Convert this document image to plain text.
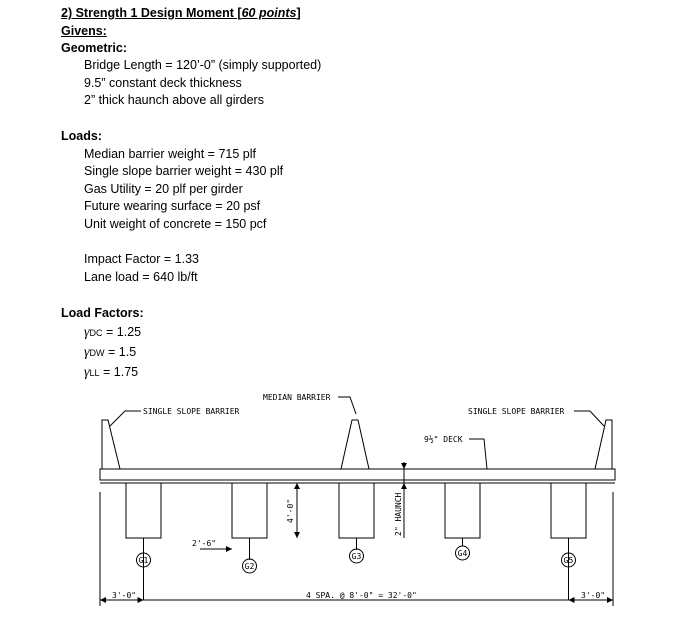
2) Strength 1 Design Moment [60 points]
Givens:
Geometric:
Bridge Length = 120’-0” (simply supported)
9.5” constant deck thickness
2” thick haunch above all girders
Loads:
Median barrier weight = 715 plf
Single slope barrier weight = 430 plf
Gas Utility = 20 plf per girder
Future wearing surface = 20 psf
Unit weight of concrete = 150 pcf
Impact Factor = 1.33
Lane load = 640 lb/ft
Load Factors:
γDC = 1.25
γDW = 1.5
γLL = 1.75
G1
G2
G3	G4
G5
SINGLE SLOPE BARRIER
MEDIAN BARRIER
SINGLE SLOPE BARRIER
9½" DECK
2" HAUNCH
4'-0"
2'-6"
3'-0"	4 SPA. @ 8'-0" = 32'-0"	3'-0"
